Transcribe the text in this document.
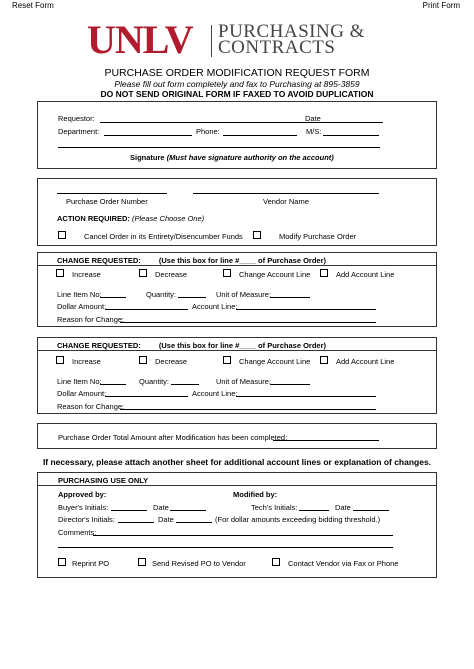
Reset Form	Print Form
UNLV PURCHASING &
CONTRACTS
PURCHASE ORDER MODIFICATION REQUEST FORM
Please fill out form completely and fax to Purchasing at 895-3859
DO NOT SEND ORIGINAL FORM IF FAXED TO AVOID DUPLICATION
Requestor:	Date
Department:	Phone:	M/S:
Signature (Must have signature authority on the account)
Purchase Order Number	Vendor Name
ACTION REQUIRED: (Please Choose One)
Cancel Order in its Entirety/Disencumber Funds	Modify Purchase Order
CHANGE REQUESTED: (Use this box for line #____ of Purchase Order)
Increase	Decrease	Change Account Line	Add Account Line
Line Item No:	Quantity:	Unit of Measure:
Dollar Amount:	Account Line:
Reason for Change:
CHANGE REQUESTED: (Use this box for line #____ of Purchase Order)
Increase	Decrease	Change Account Line	Add Account Line
Line Item No:	Quantity:	Unit of Measure:
Dollar Amount:	Account Line:
Reason for Change:
Purchase Order Total Amount after Modification has been completed:
If necessary, please attach another sheet for additional account lines or explanation of changes.
PURCHASING USE ONLY
Approved by:	Modified by:
Buyer's Initials:	Date	Tech's Initials:	Date
Director's Initials:	Date	(For dollar amounts exceeding bidding threshold.)
Comments:
Reprint PO	Send Revised PO to Vendor	Contact Vendor via Fax or Phone
